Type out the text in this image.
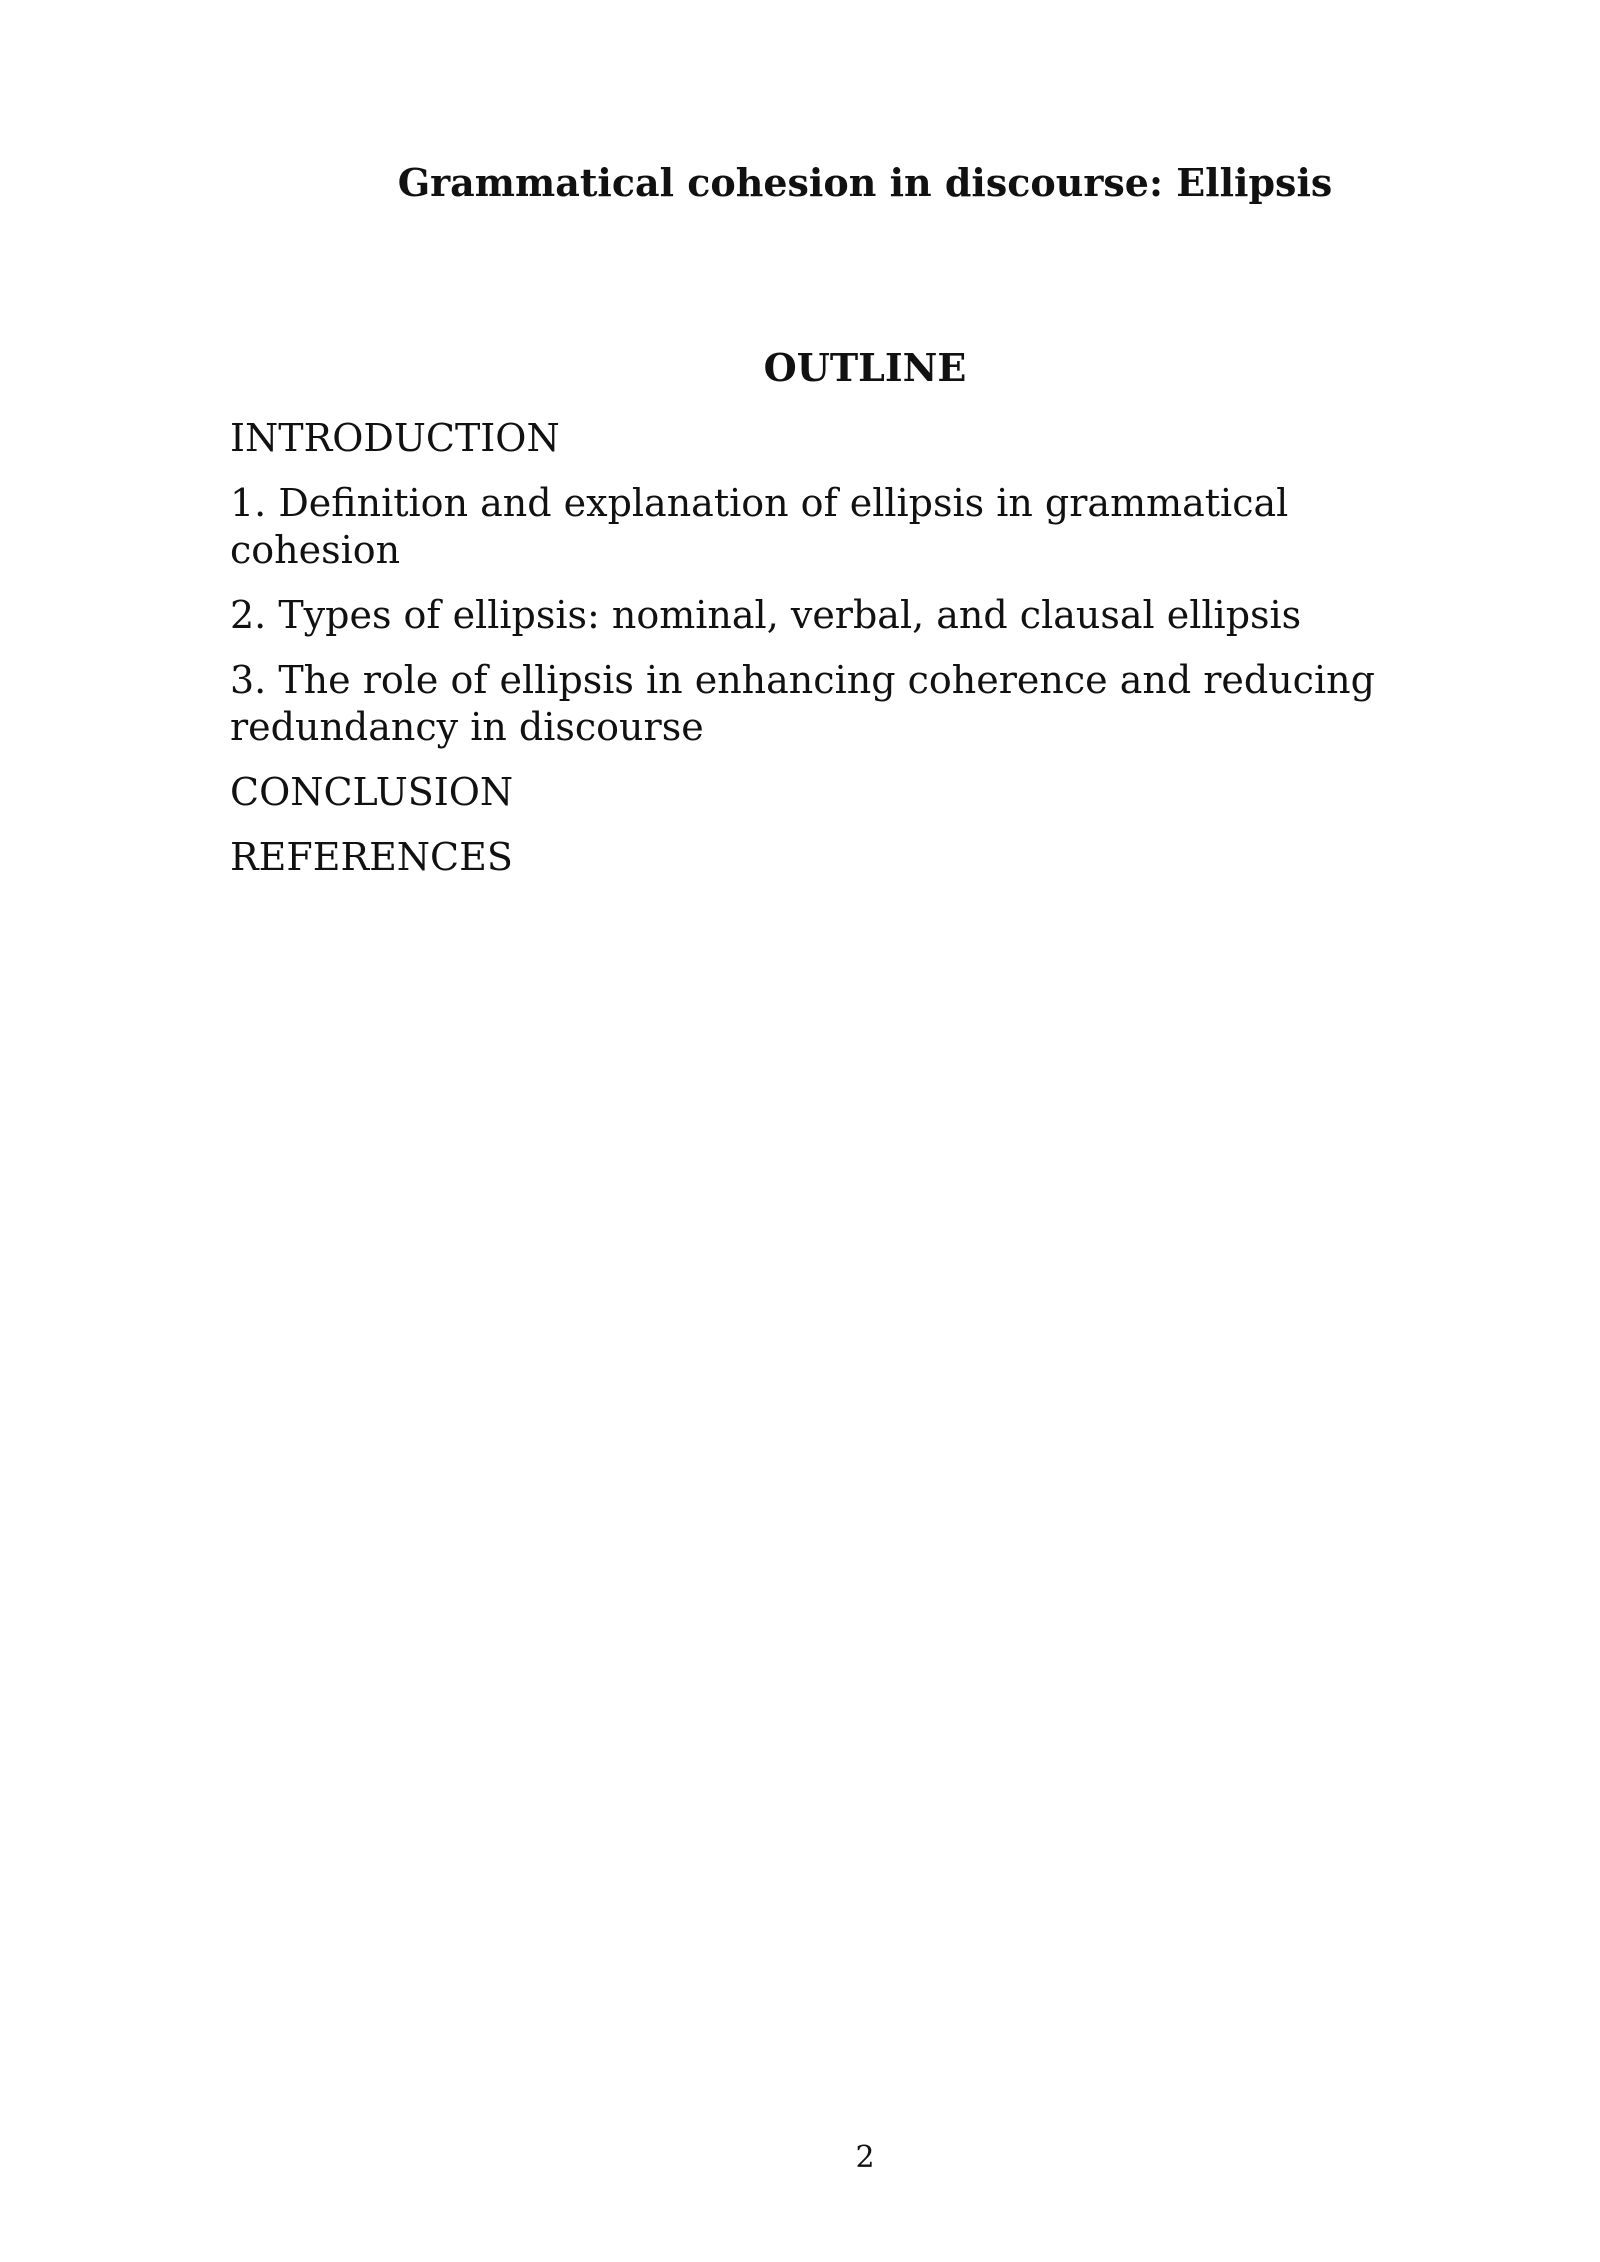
Grammatical cohesion in discourse: Ellipsis
OUTLINE
INTRODUCTION
1. Definition and explanation of ellipsis in grammatical cohesion
2. Types of ellipsis: nominal, verbal, and clausal ellipsis
3. The role of ellipsis in enhancing coherence and reducing redundancy in discourse
CONCLUSION
REFERENCES
2
